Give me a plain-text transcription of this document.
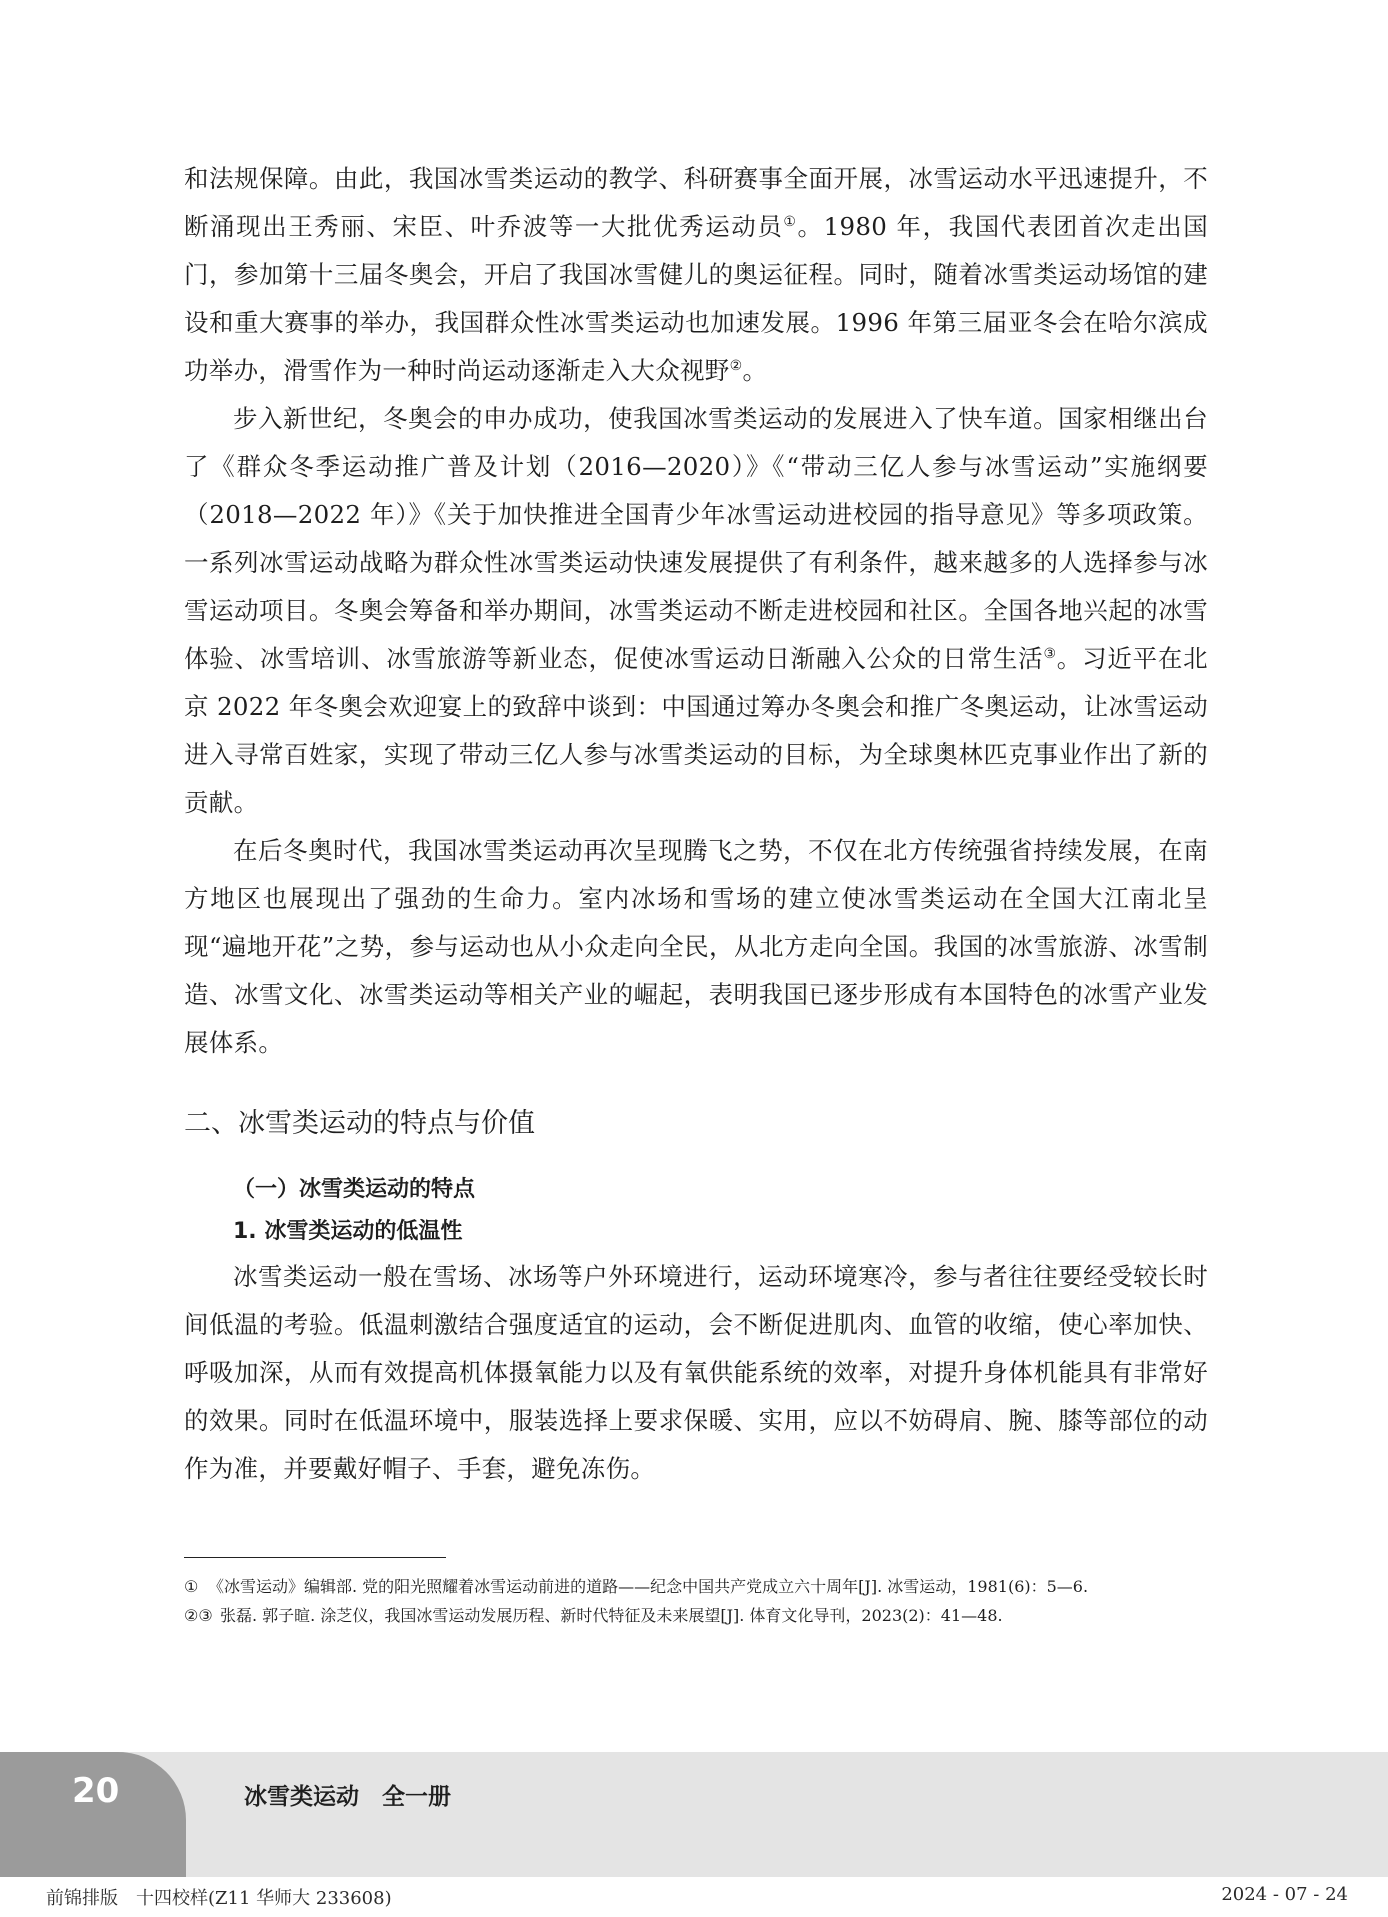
和法规保障。由此，我国冰雪类运动的教学、科研赛事全面开展，冰雪运动水平迅速提升，不断涌现出王秀丽、宋臣、叶乔波等一大批优秀运动员①。1980 年，我国代表团首次走出国门，参加第十三届冬奥会，开启了我国冰雪健儿的奥运征程。同时，随着冰雪类运动场馆的建设和重大赛事的举办，我国群众性冰雪类运动也加速发展。1996 年第三届亚冬会在哈尔滨成功举办，滑雪作为一种时尚运动逐渐走入大众视野②。

步入新世纪，冬奥会的申办成功，使我国冰雪类运动的发展进入了快车道。国家相继出台了《群众冬季运动推广普及计划（2016—2020）》《“带动三亿人参与冰雪运动”实施纲要（2018—2022 年）》《关于加快推进全国青少年冰雪运动进校园的指导意见》等多项政策。一系列冰雪运动战略为群众性冰雪类运动快速发展提供了有利条件，越来越多的人选择参与冰雪运动项目。冬奥会筹备和举办期间，冰雪类运动不断走进校园和社区。全国各地兴起的冰雪体验、冰雪培训、冰雪旅游等新业态，促使冰雪运动日渐融入公众的日常生活③。习近平在北京 2022 年冬奥会欢迎宴上的致辞中谈到：中国通过筹办冬奥会和推广冬奥运动，让冰雪运动进入寻常百姓家，实现了带动三亿人参与冰雪类运动的目标，为全球奥林匹克事业作出了新的贡献。

在后冬奥时代，我国冰雪类运动再次呈现腾飞之势，不仅在北方传统强省持续发展，在南方地区也展现出了强劲的生命力。室内冰场和雪场的建立使冰雪类运动在全国大江南北呈现“遍地开花”之势，参与运动也从小众走向全民，从北方走向全国。我国的冰雪旅游、冰雪制造、冰雪文化、冰雪类运动等相关产业的崛起，表明我国已逐步形成有本国特色的冰雪产业发展体系。

二、冰雪类运动的特点与价值
（一）冰雪类运动的特点
1. 冰雪类运动的低温性

冰雪类运动一般在雪场、冰场等户外环境进行，运动环境寒冷，参与者往往要经受较长时间低温的考验。低温刺激结合强度适宜的运动，会不断促进肌肉、血管的收缩，使心率加快、呼吸加深，从而有效提高机体摄氧能力以及有氧供能系统的效率，对提升身体机能具有非常好的效果。同时在低温环境中，服装选择上要求保暖、实用，应以不妨碍肩、腕、膝等部位的动作为准，并要戴好帽子、手套，避免冻伤。

① 《冰雪运动》编辑部. 党的阳光照耀着冰雪运动前进的道路——纪念中国共产党成立六十周年[J]. 冰雪运动，1981(6)：5—6.

②③ 张磊. 郭子暄. 涂芝仪，我国冰雪运动发展历程、新时代特征及未来展望[J]. 体育文化导刊，2023(2)：41—48.

20	冰雪类运动　全一册
前锦排版　十四校样(Z11 华师大 233608)	2024 - 07 - 24
